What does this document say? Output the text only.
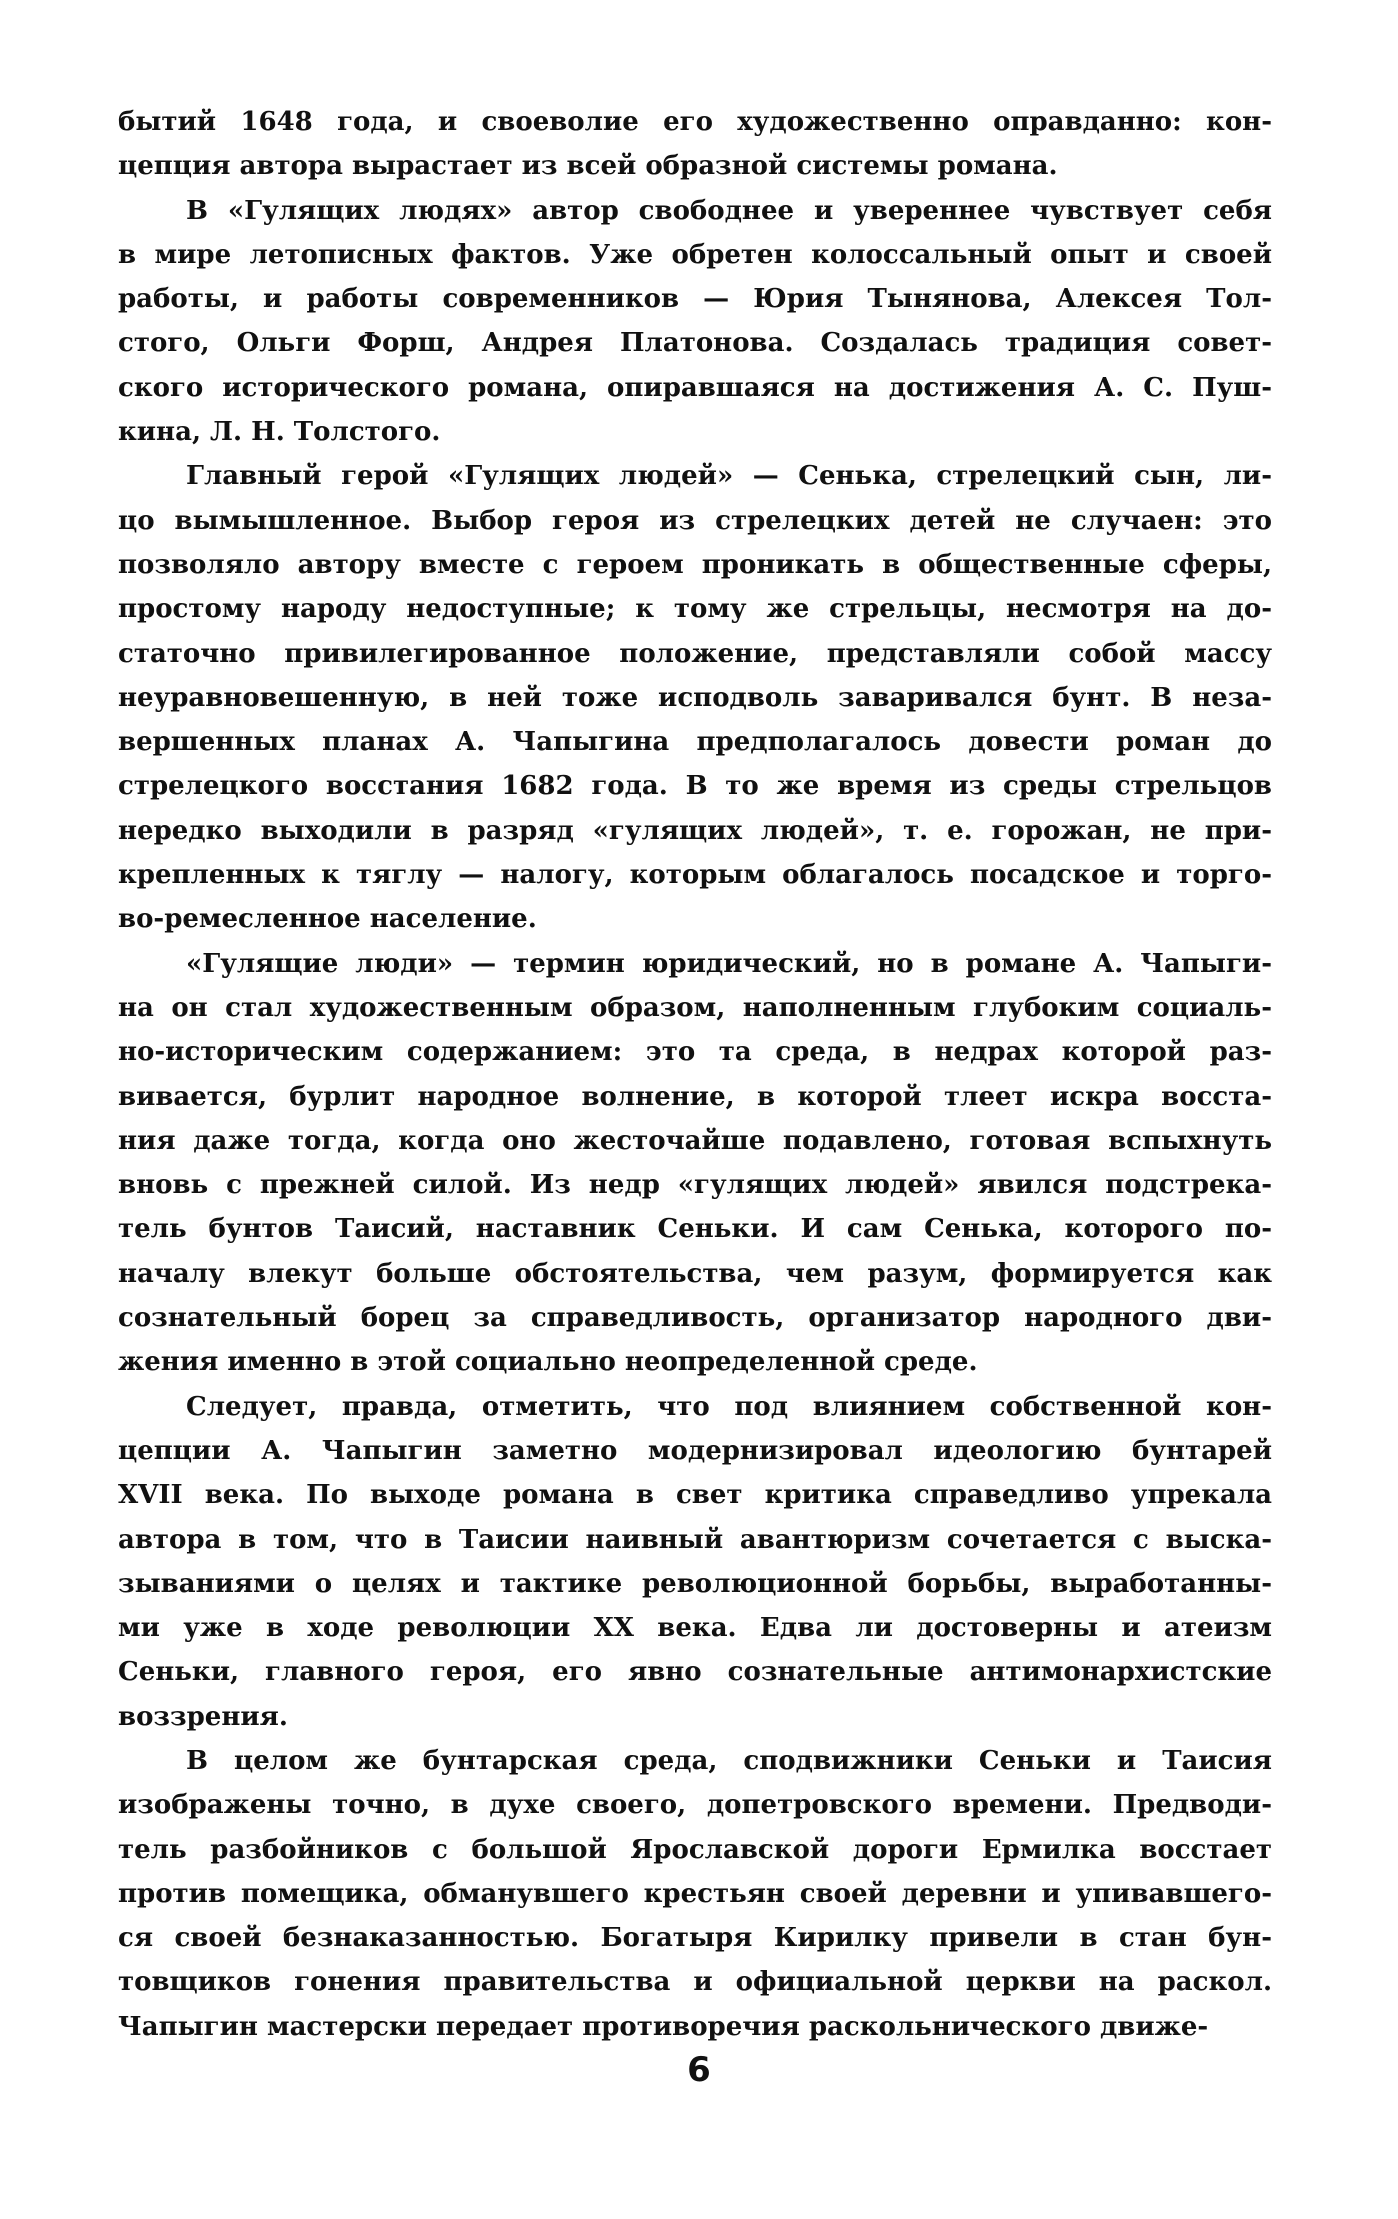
бытий 1648 года, и своеволие его художественно оправданно: кон-
цепция автора вырастает из всей образной системы романа.
В «Гулящих людях» автор свободнее и увереннее чувствует себя
в мире летописных фактов. Уже обретен колоссальный опыт и своей
работы, и работы современников — Юрия Тынянова, Алексея Тол-
стого, Ольги Форш, Андрея Платонова. Создалась традиция совет-
ского исторического романа, опиравшаяся на достижения А. С. Пуш-
кина, Л. Н. Толстого.
Главный герой «Гулящих людей» — Сенька, стрелецкий сын, ли-
цо вымышленное. Выбор героя из стрелецких детей не случаен: это
позволяло автору вместе с героем проникать в общественные сферы,
простому народу недоступные; к тому же стрельцы, несмотря на до-
статочно привилегированное положение, представляли собой массу
неуравновешенную, в ней тоже исподволь заваривался бунт. В неза-
вершенных планах А. Чапыгина предполагалось довести роман до
стрелецкого восстания 1682 года. В то же время из среды стрельцов
нередко выходили в разряд «гулящих людей», т. е. горожан, не при-
крепленных к тяглу — налогу, которым облагалось посадское и торго-
во-ремесленное население.
«Гулящие люди» — термин юридический, но в романе А. Чапыги-
на он стал художественным образом, наполненным глубоким социаль-
но-историческим содержанием: это та среда, в недрах которой раз-
вивается, бурлит народное волнение, в которой тлеет искра восста-
ния даже тогда, когда оно жесточайше подавлено, готовая вспыхнуть
вновь с прежней силой. Из недр «гулящих людей» явился подстрека-
тель бунтов Таисий, наставник Сеньки. И сам Сенька, которого по-
началу влекут больше обстоятельства, чем разум, формируется как
сознательный борец за справедливость, организатор народного дви-
жения именно в этой социально неопределенной среде.
Следует, правда, отметить, что под влиянием собственной кон-
цепции А. Чапыгин заметно модернизировал идеологию бунтарей
XVII века. По выходе романа в свет критика справедливо упрекала
автора в том, что в Таисии наивный авантюризм сочетается с выска-
зываниями о целях и тактике революционной борьбы, выработанны-
ми уже в ходе революции XX века. Едва ли достоверны и атеизм
Сеньки, главного героя, его явно сознательные антимонархистские
воззрения.
В целом же бунтарская среда, сподвижники Сеньки и Таисия
изображены точно, в духе своего, допетровского времени. Предводи-
тель разбойников с большой Ярославской дороги Ермилка восстает
против помещика, обманувшего крестьян своей деревни и упивавшего-
ся своей безнаказанностью. Богатыря Кирилку привели в стан бун-
товщиков гонения правительства и официальной церкви на раскол.
Чапыгин мастерски передает противоречия раскольнического движе-
6
